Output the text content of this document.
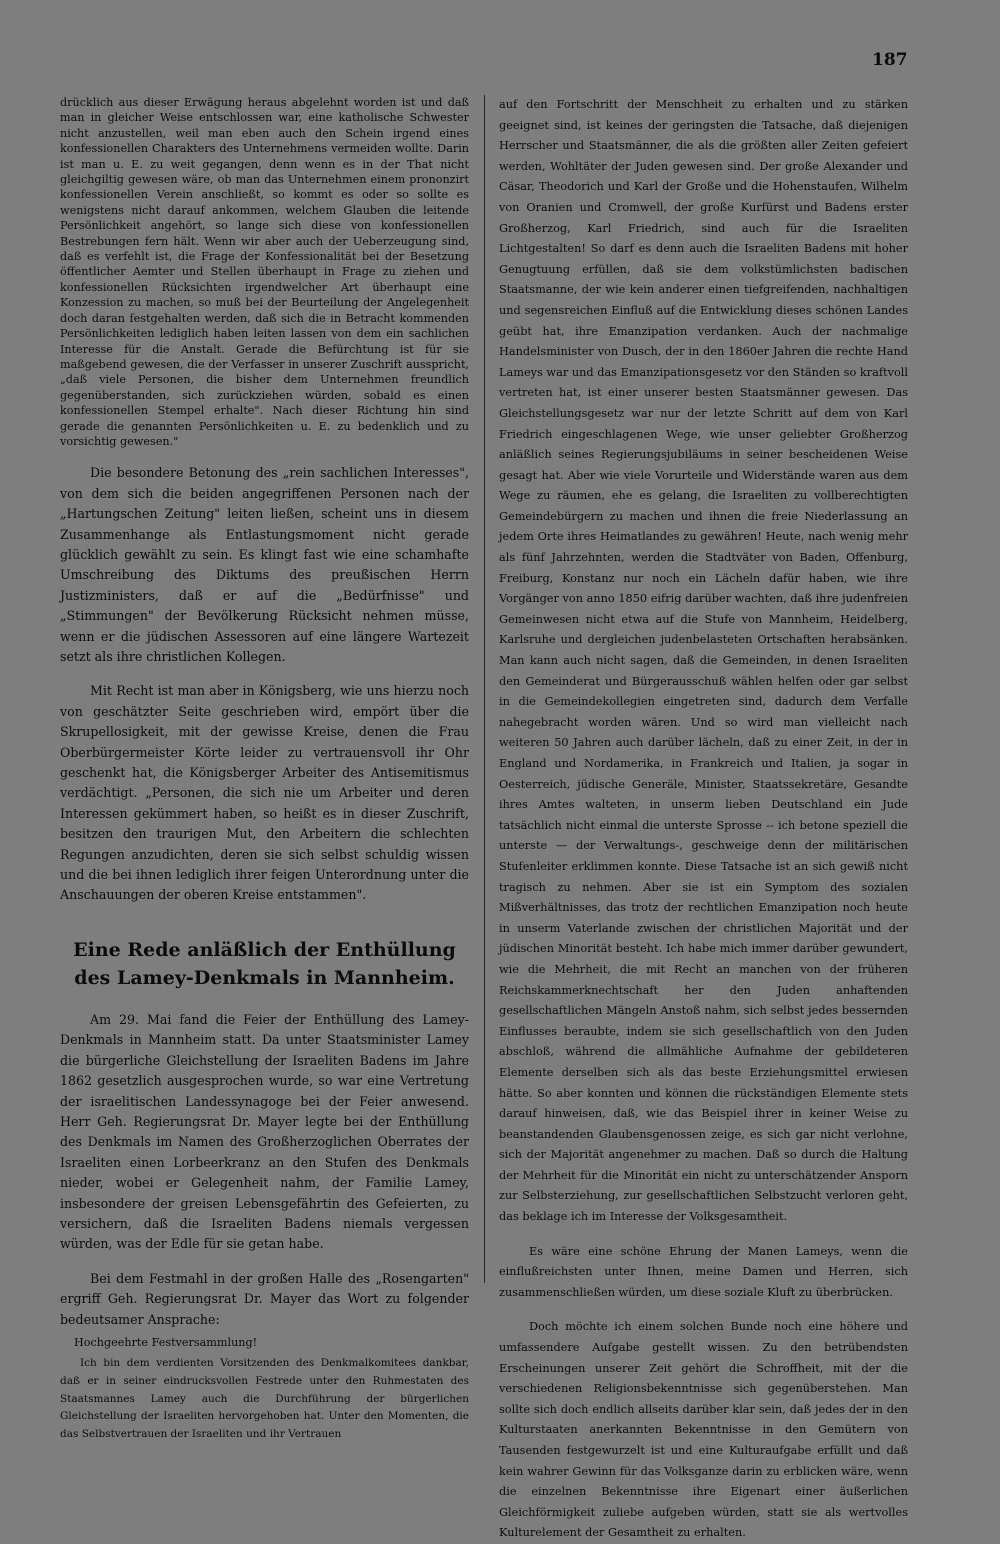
187

drücklich aus dieser Erwägung heraus abgelehnt worden ist und daß man in gleicher Weise entschlossen war, eine katholische Schwester nicht anzustellen, weil man eben auch den Schein irgend eines konfessionellen Charakters des Unternehmens vermeiden wollte. Darin ist man u. E. zu weit gegangen, denn wenn es in der That nicht gleichgiltig gewesen wäre, ob man das Unternehmen einem prononzirt konfessionellen Verein anschließt, so kommt es oder so sollte es wenigstens nicht darauf ankommen, welchem Glauben die leitende Persönlichkeit angehört, so lange sich diese von konfessionellen Bestrebungen fern hält. Wenn wir aber auch der Ueberzeugung sind, daß es verfehlt ist, die Frage der Konfessionalität bei der Besetzung öffentlicher Aemter und Stellen überhaupt in Frage zu ziehen und konfessionellen Rücksichten irgendwelcher Art überhaupt eine Konzession zu machen, so muß bei der Beurteilung der Angelegenheit doch daran festgehalten werden, daß sich die in Betracht kommenden Persönlichkeiten lediglich haben leiten lassen von dem ein sachlichen Interesse für die Anstalt. Gerade die Befürchtung ist für sie maßgebend gewesen, die der Verfasser in unserer Zuschrift ausspricht, „daß viele Personen, die bisher dem Unternehmen freundlich gegenüberstanden, sich zurückziehen würden, sobald es einen konfessionellen Stempel erhalte". Nach dieser Richtung hin sind gerade die genannten Persönlichkeiten u. E. zu bedenklich und zu vorsichtig gewesen."

Die besondere Betonung des „rein sachlichen Interesses", von dem sich die beiden angegriffenen Personen nach der „Hartungschen Zeitung" leiten ließen, scheint uns in diesem Zusammenhange als Entlastungsmoment nicht gerade glücklich gewählt zu sein. Es klingt fast wie eine schamhafte Umschreibung des Diktums des preußischen Herrn Justizministers, daß er auf die „Bedürfnisse" und „Stimmungen" der Bevölkerung Rücksicht nehmen müsse, wenn er die jüdischen Assessoren auf eine längere Wartezeit setzt als ihre christlichen Kollegen.

Mit Recht ist man aber in Königsberg, wie uns hierzu noch von geschätzter Seite geschrieben wird, empört über die Skrupellosigkeit, mit der gewisse Kreise, denen die Frau Oberbürgermeister Körte leider zu vertrauensvoll ihr Ohr geschenkt hat, die Königsberger Arbeiter des Antisemitismus verdächtigt. „Personen, die sich nie um Arbeiter und deren Interessen gekümmert haben, so heißt es in dieser Zuschrift, besitzen den traurigen Mut, den Arbeitern die schlechten Regungen anzudichten, deren sie sich selbst schuldig wissen und die bei ihnen lediglich ihrer feigen Unterordnung unter die Anschauungen der oberen Kreise entstammen".

Eine Rede anläßlich der Enthüllung des Lamey-Denkmals in Mannheim.

Am 29. Mai fand die Feier der Enthüllung des Lamey-Denkmals in Mannheim statt. Da unter Staatsminister Lamey die bürgerliche Gleichstellung der Israeliten Badens im Jahre 1862 gesetzlich ausgesprochen wurde, so war eine Vertretung der israelitischen Landessynagoge bei der Feier anwesend. Herr Geh. Regierungsrat Dr. Mayer legte bei der Enthüllung des Denkmals im Namen des Großherzoglichen Oberrates der Israeliten einen Lorbeerkranz an den Stufen des Denkmals nieder, wobei er Gelegenheit nahm, der Familie Lamey, insbesondere der greisen Lebensgefährtin des Gefeierten, zu versichern, daß die Israeliten Badens niemals vergessen würden, was der Edle für sie getan habe.

Bei dem Festmahl in der großen Halle des „Rosengarten" ergriff Geh. Regierungsrat Dr. Mayer das Wort zu folgender bedeutsamer Ansprache:

Hochgeehrte Festversammlung!

Ich bin dem verdienten Vorsitzenden des Denkmalkomitees dankbar, daß er in seiner eindrucksvollen Festrede unter den Ruhmestaten des Staatsmannes Lamey auch die Durchführung der bürgerlichen Gleichstellung der Israeliten hervorgehoben hat. Unter den Momenten, die das Selbstvertrauen der Israeliten und ihr Vertrauen

auf den Fortschritt der Menschheit zu erhalten und zu stärken geeignet sind, ist keines der geringsten die Tatsache, daß diejenigen Herrscher und Staatsmänner, die als die größten aller Zeiten gefeiert werden, Wohltäter der Juden gewesen sind. Der große Alexander und Cäsar, Theodorich und Karl der Große und die Hohenstaufen, Wilhelm von Oranien und Cromwell, der große Kurfürst und Badens erster Großherzog, Karl Friedrich, sind auch für die Israeliten Lichtgestalten! So darf es denn auch die Israeliten Badens mit hoher Genugtuung erfüllen, daß sie dem volkstümlichsten badischen Staatsmanne, der wie kein anderer einen tiefgreifenden, nachhaltigen und segensreichen Einfluß auf die Entwicklung dieses schönen Landes geübt hat, ihre Emanzipation verdanken. Auch der nachmalige Handelsminister von Dusch, der in den 1860er Jahren die rechte Hand Lameys war und das Emanzipationsgesetz vor den Ständen so kraftvoll vertreten hat, ist einer unserer besten Staatsmänner gewesen. Das Gleichstellungsgesetz war nur der letzte Schritt auf dem von Karl Friedrich eingeschlagenen Wege, wie unser geliebter Großherzog anläßlich seines Regierungsjubiläums in seiner bescheidenen Weise gesagt hat. Aber wie viele Vorurteile und Widerstände waren aus dem Wege zu räumen, ehe es gelang, die Israeliten zu vollberechtigten Gemeindebürgern zu machen und ihnen die freie Niederlassung an jedem Orte ihres Heimatlandes zu gewähren! Heute, nach wenig mehr als fünf Jahrzehnten, werden die Stadtväter von Baden, Offenburg, Freiburg, Konstanz nur noch ein Lächeln dafür haben, wie ihre Vorgänger von anno 1850 eifrig darüber wachten, daß ihre judenfreien Gemeinwesen nicht etwa auf die Stufe von Mannheim, Heidelberg, Karlsruhe und dergleichen judenbelasteten Ortschaften herabsänken. Man kann auch nicht sagen, daß die Gemeinden, in denen Israeliten den Gemeinderat und Bürgerausschuß wählen helfen oder gar selbst in die Gemeindekollegien eingetreten sind, dadurch dem Verfalle nahegebracht worden wären. Und so wird man vielleicht nach weiteren 50 Jahren auch darüber lächeln, daß zu einer Zeit, in der in England und Nordamerika, in Frankreich und Italien, ja sogar in Oesterreich, jüdische Generäle, Minister, Staatssekretäre, Gesandte ihres Amtes walteten, in unserm lieben Deutschland ein Jude tatsächlich nicht einmal die unterste Sprosse -- ich betone speziell die unterste — der Verwaltungs-, geschweige denn der militärischen Stufenleiter erklimmen konnte. Diese Tatsache ist an sich gewiß nicht tragisch zu nehmen. Aber sie ist ein Symptom des sozialen Mißverhältnisses, das trotz der rechtlichen Emanzipation noch heute in unserm Vaterlande zwischen der christlichen Majorität und der jüdischen Minorität besteht. Ich habe mich immer darüber gewundert, wie die Mehrheit, die mit Recht an manchen von der früheren Reichskammerknechtschaft her den Juden anhaftenden gesellschaftlichen Mängeln Anstoß nahm, sich selbst jedes bessernden Einflusses beraubte, indem sie sich gesellschaftlich von den Juden abschloß, während die allmähliche Aufnahme der gebildeteren Elemente derselben sich als das beste Erziehungsmittel erwiesen hätte. So aber konnten und können die rückständigen Elemente stets darauf hinweisen, daß, wie das Beispiel ihrer in keiner Weise zu beanstandenden Glaubensgenossen zeige, es sich gar nicht verlohne, sich der Majorität angenehmer zu machen. Daß so durch die Haltung der Mehrheit für die Minorität ein nicht zu unterschätzender Ansporn zur Selbsterziehung, zur gesellschaftlichen Selbstzucht verloren geht, das beklage ich im Interesse der Volksgesamtheit.

Es wäre eine schöne Ehrung der Manen Lameys, wenn die einflußreichsten unter Ihnen, meine Damen und Herren, sich zusammenschließen würden, um diese soziale Kluft zu überbrücken.

Doch möchte ich einem solchen Bunde noch eine höhere und umfassendere Aufgabe gestellt wissen. Zu den betrübendsten Erscheinungen unserer Zeit gehört die Schroffheit, mit der die verschiedenen Religionsbekenntnisse sich gegenüberstehen. Man sollte sich doch endlich allseits darüber klar sein, daß jedes der in den Kulturstaaten anerkannten Bekenntnisse in den Gemütern von Tausenden festgewurzelt ist und eine Kulturaufgabe erfüllt und daß kein wahrer Gewinn für das Volksganze darin zu erblicken wäre, wenn die einzelnen Bekenntnisse ihre Eigenart einer äußerlichen Gleichförmigkeit zuliebe aufgeben würden, statt sie als wertvolles Kulturelement der Gesamtheit zu erhalten.
